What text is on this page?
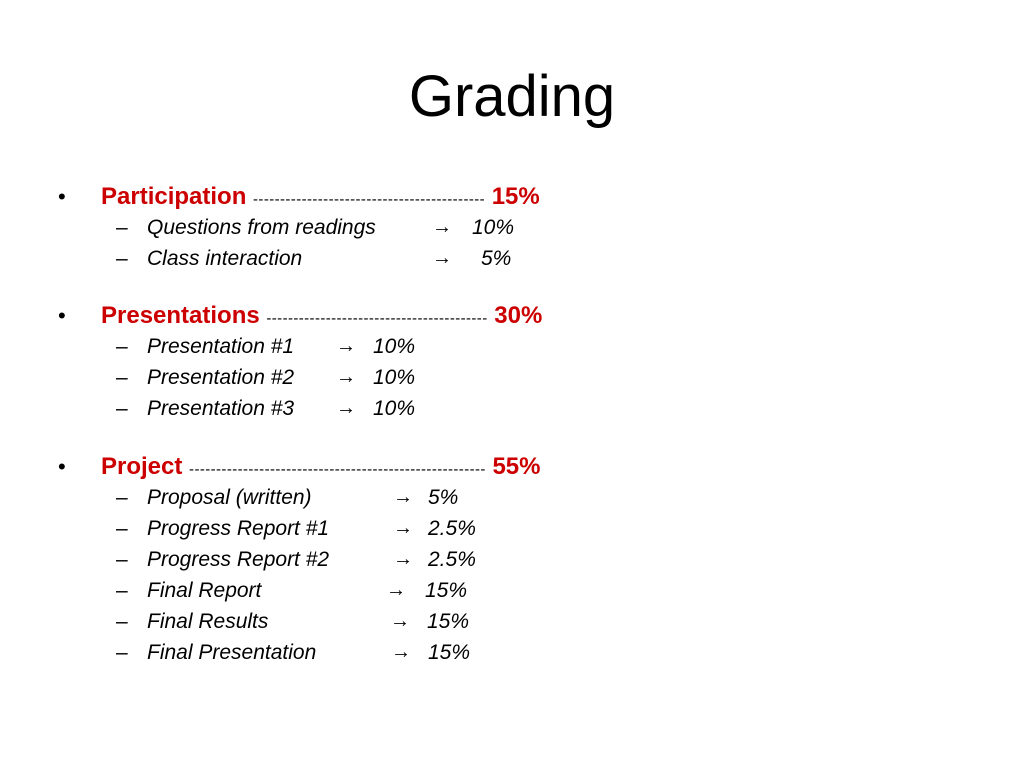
Grading
• Participation ------------------------------------------- 15%
– Questions from readings	→ 10%
– Class interaction	→ 5%
• Presentations ----------------------------------------- 30%
– Presentation #1 → 10%
– Presentation #2 → 10%
– Presentation #3 → 10%
• Project ------------------------------------------------------- 55%
– Proposal (written)	→ 5%
– Progress Report #1	→ 2.5%
– Progress Report #2	→ 2.5%
– Final Report	→ 15%
– Final Results	→ 15%
– Final Presentation	→ 15%
